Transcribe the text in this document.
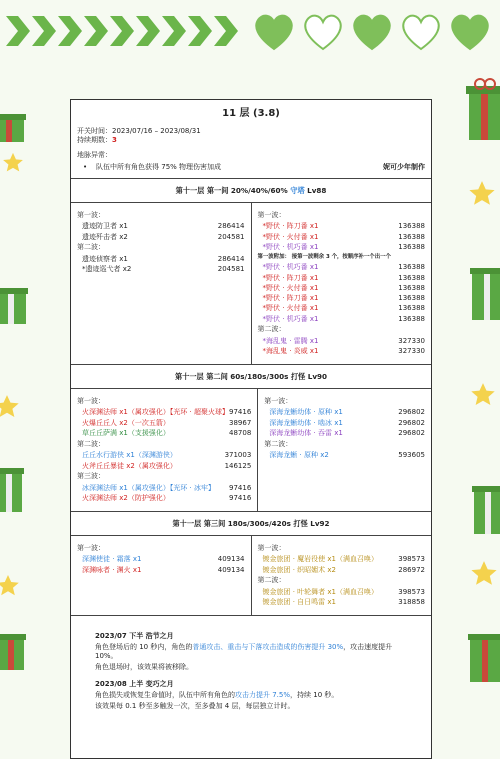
11 层 (3.8)
开关时间：2023/07/16 – 2023/08/31
持续期数：3
地脉异常：
•    队伍中所有角色获得 75% 物理伤害加成	妮可少年制作
第十一层 第一间 20%/40%/60% 守塔 Lv88
第一波：
遗迹防卫者 x1	286414
遗迹歼击者 x2	204581
第二波：
遗迹侦察者 x1	286414
*遗迹巡弋者 x2	204581
第一波：
*野伏 · 阵刀番 x1	136388
*野伏 · 火付番 x1	136388
*野伏 · 机巧番 x1	136388
第一波附加： 接第一波剩余 3 个，按顺序补一个出一个
*野伏 · 机巧番 x1	136388
*野伏 · 阵刀番 x1	136388
*野伏 · 火付番 x1	136388
*野伏 · 阵刀番 x1	136388
*野伏 · 火付番 x1	136388
*野伏 · 机巧番 x1	136388
第二波：
*海乱鬼 · 雷腾 x1	327330
*海乱鬼 · 炎威 x1	327330
第十一层 第二间 60s/180s/300s 打怪 Lv90
第一波：
火深渊法师 x1（属攻强化）【光环 · 超聚火球】 97416
火爆丘丘人 x2（一次五箭）	38967
草丘丘萨满 x1（支援强化）	48708
第二波：
丘丘水行游侠 x1（深渊游侠）	371003
火斧丘丘暴徒 x2（属攻强化）	146125
第三波：
冰深渊法师 x1（属攻强化）【光环 · 冰牢】 97416
火深渊法师 x2（防护强化）	97416
第一波：
深海龙蜥幼体 · 原种 x1	296802
深海龙蜥幼体 · 啮冰 x1	296802
深海龙蜥幼体 · 吞雷 x1	296802
第二波：
深海龙蜥 · 原种 x2	593605
第十一层 第三间 180s/300s/420s 打怪 Lv92
第一波：
深渊使徒 · 霜落 x1	409134
深渊咏者 · 渊火 x1	409134
第一波：
镀金旅团 · 魔岩役使 x1（满血召唤）	398573
镀金旅团 · 织昭媚术 x2	286972
第二波：
镀金旅团 · 叶轮舞者 x1（满血召唤）	398573
镀金旅团 · 自日鸣雷 x1	318858
2023/07 下半 浩节之月
角色登场后的 10 秒内，角色的普通攻击、重击与下落攻击造成的伤害提升 30%，攻击速度提升 10%。
角色退场时，该效果将被移除。
2023/08 上半 变巧之月
角色损失或恢复生命值时，队伍中所有角色的攻击力提升 7.5%，持续 10 秒。
该效果每 0.1 秒至多触发一次，至多叠加 4 层，每层独立计时。
